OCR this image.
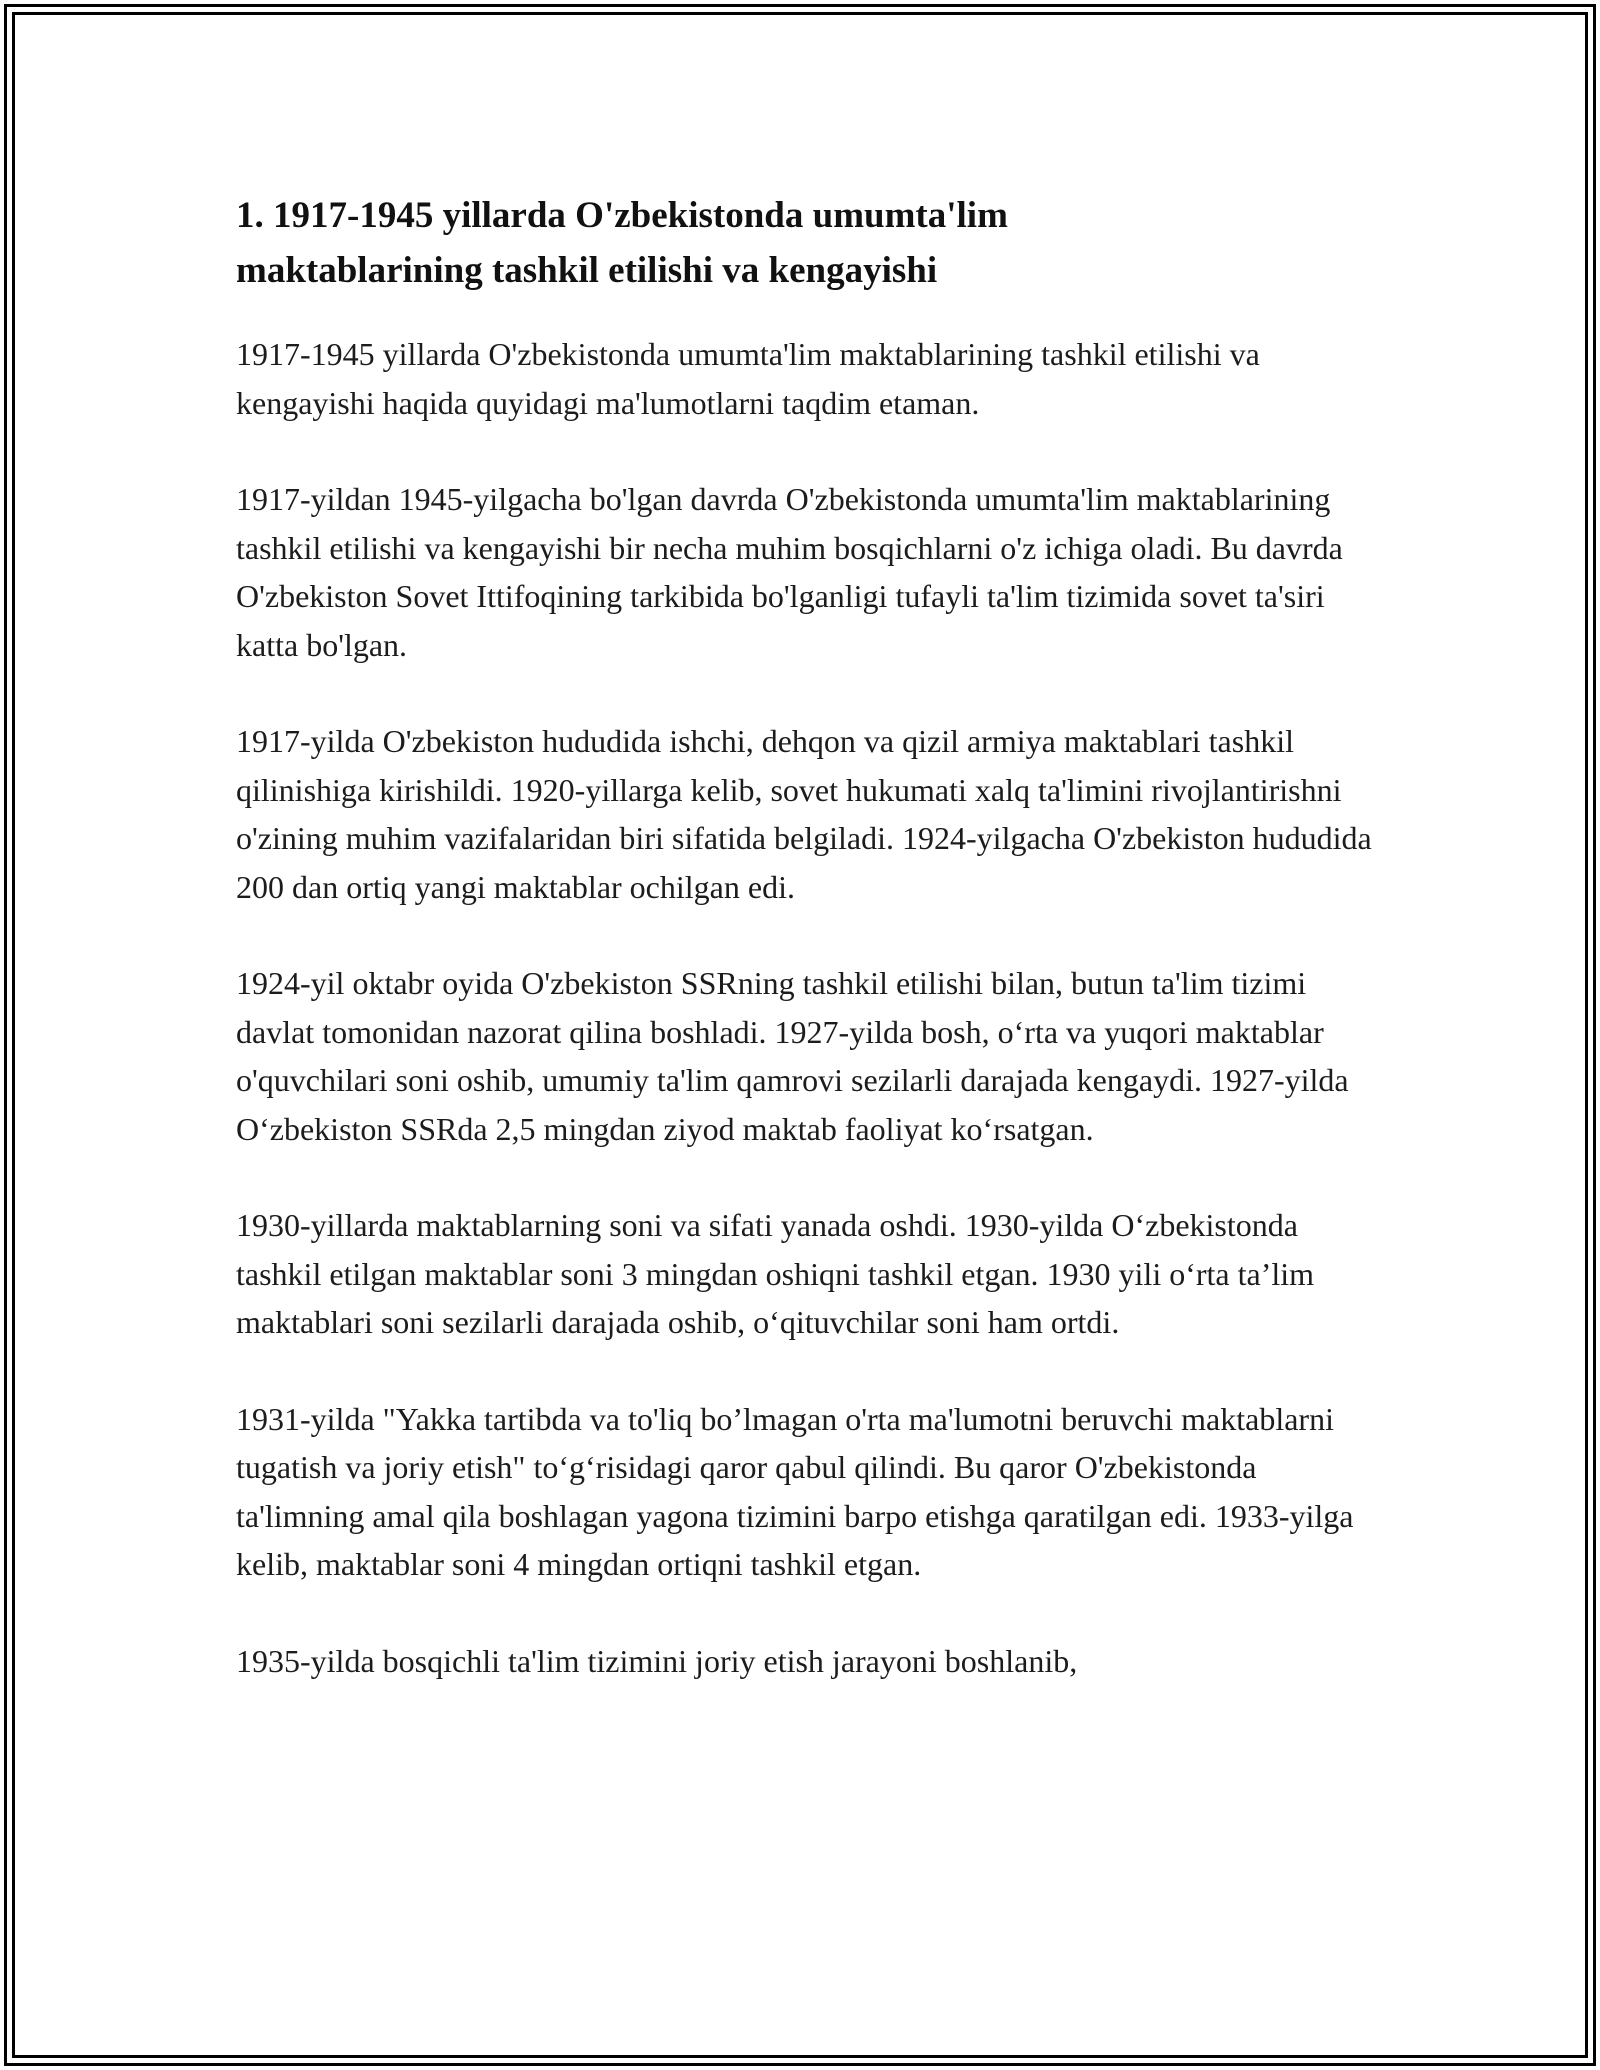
1. 1917-1945 yillarda O'zbekistonda umumta'lim
maktablarining tashkil etilishi va kengayishi

1917-1945 yillarda O'zbekistonda umumta'lim maktablarining tashkil etilishi va kengayishi haqida quyidagi ma'lumotlarni taqdim etaman.

1917-yildan 1945-yilgacha bo'lgan davrda O'zbekistonda umumta'lim maktablarining tashkil etilishi va kengayishi bir necha muhim bosqichlarni o'z ichiga oladi. Bu davrda O'zbekiston Sovet Ittifoqining tarkibida bo'lganligi tufayli ta'lim tizimida sovet ta'siri katta bo'lgan.

1917-yilda O'zbekiston hududida ishchi, dehqon va qizil armiya maktablari tashkil qilinishiga kirishildi. 1920-yillarga kelib, sovet hukumati xalq ta'limini rivojlantirishni o'zining muhim vazifalaridan biri sifatida belgiladi. 1924-yilgacha O'zbekiston hududida 200 dan ortiq yangi maktablar ochilgan edi.

1924-yil oktabr oyida O'zbekiston SSRning tashkil etilishi bilan, butun ta'lim tizimi davlat tomonidan nazorat qilina boshladi. 1927-yilda bosh, o‘rta va yuqori maktablar o'quvchilari soni oshib, umumiy ta'lim qamrovi sezilarli darajada kengaydi. 1927-yilda O‘zbekiston SSRda 2,5 mingdan ziyod maktab faoliyat ko‘rsatgan.

1930-yillarda maktablarning soni va sifati yanada oshdi. 1930-yilda O‘zbekistonda tashkil etilgan maktablar soni 3 mingdan oshiqni tashkil etgan. 1930 yili o‘rta ta’lim maktablari soni sezilarli darajada oshib, o‘qituvchilar soni ham ortdi.

1931-yilda "Yakka tartibda va to'liq bo’lmagan o'rta ma'lumotni beruvchi maktablarni tugatish va joriy etish" to‘g‘risidagi qaror qabul qilindi. Bu qaror O'zbekistonda ta'limning amal qila boshlagan yagona tizimini barpo etishga qaratilgan edi. 1933-yilga kelib, maktablar soni 4 mingdan ortiqni tashkil etgan.

1935-yilda bosqichli ta'lim tizimini joriy etish jarayoni boshlanib,
